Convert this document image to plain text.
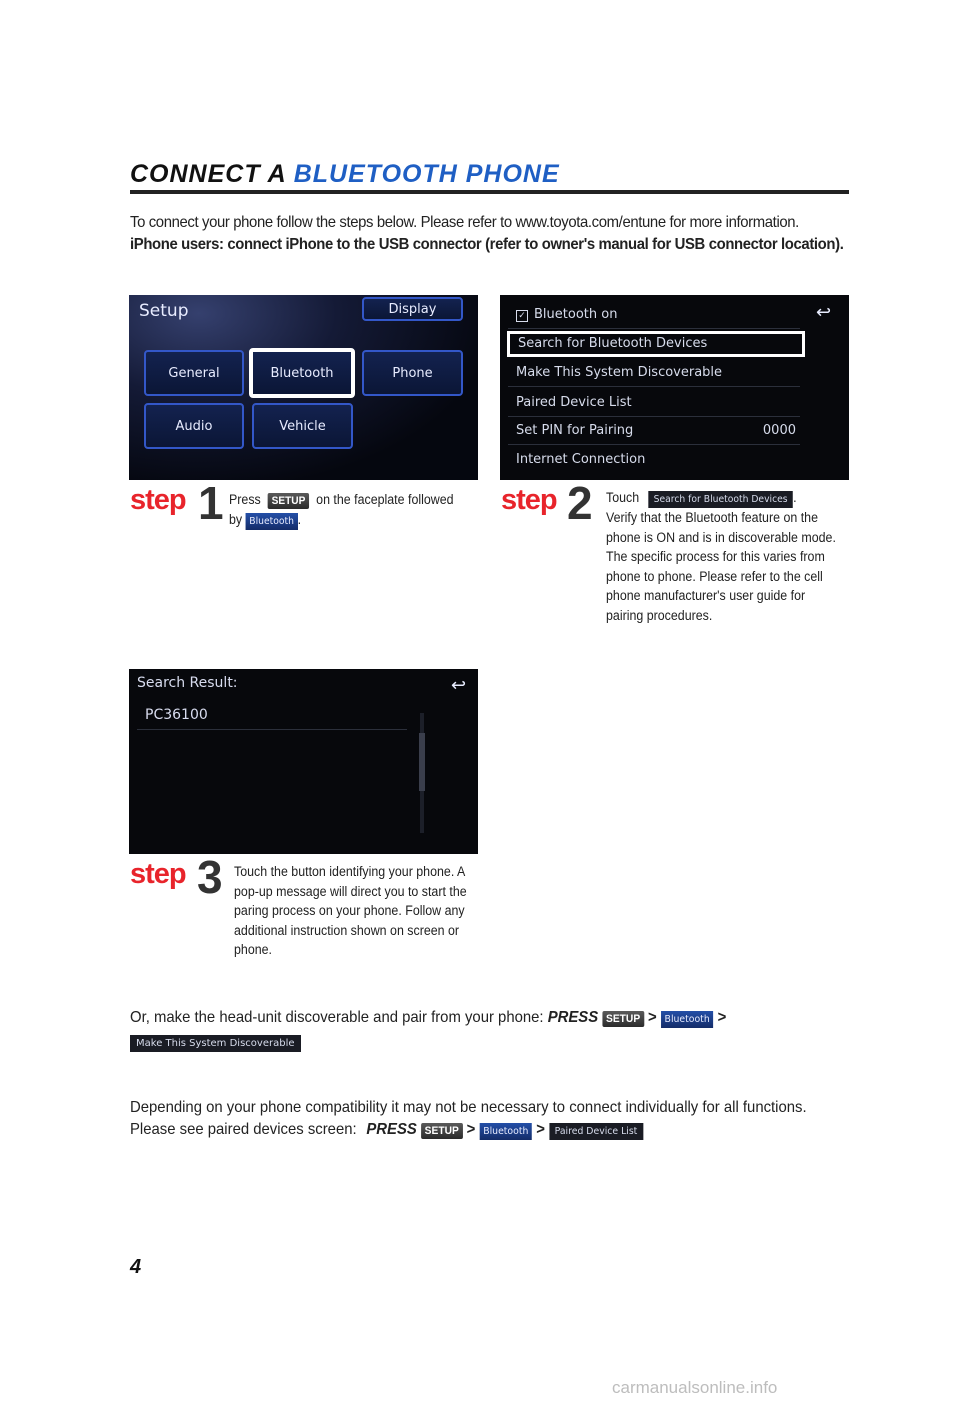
CONNECT A BLUETOOTH PHONE
To connect your phone follow the steps below. Please refer to www.toyota.com/entune for more information.
iPhone users: connect iPhone to the USB connector (refer to owner's manual for USB connector location).
Setup	Display
General	Bluetooth	Phone
Audio	Vehicle
✓ Bluetooth on	↩
Search for Bluetooth Devices
Make This System Discoverable
Paired Device List
Set PIN for Pairing	0000
Internet Connection
step 1 Press SETUP on the faceplate followed
by Bluetooth .
step 2 Touch Search for Bluetooth Devices .
Verify that the Bluetooth feature on the phone is ON and is in discoverable mode. The specific process for this varies from phone to phone. Please refer to the cell phone manufacturer's user guide for pairing procedures.
Search Result:	↩
PC36100
step 3 Touch the button identifying your phone. A pop-up message will direct you to start the paring process on your phone. Follow any additional instruction shown on screen or phone.
Or, make the head-unit discoverable and pair from your phone: PRESS SETUP > Bluetooth >
Make This System Discoverable
Depending on your phone compatibility it may not be necessary to connect individually for all functions.
Please see paired devices screen: PRESS SETUP > Bluetooth > Paired Device List
4
carmanualsonline.info
